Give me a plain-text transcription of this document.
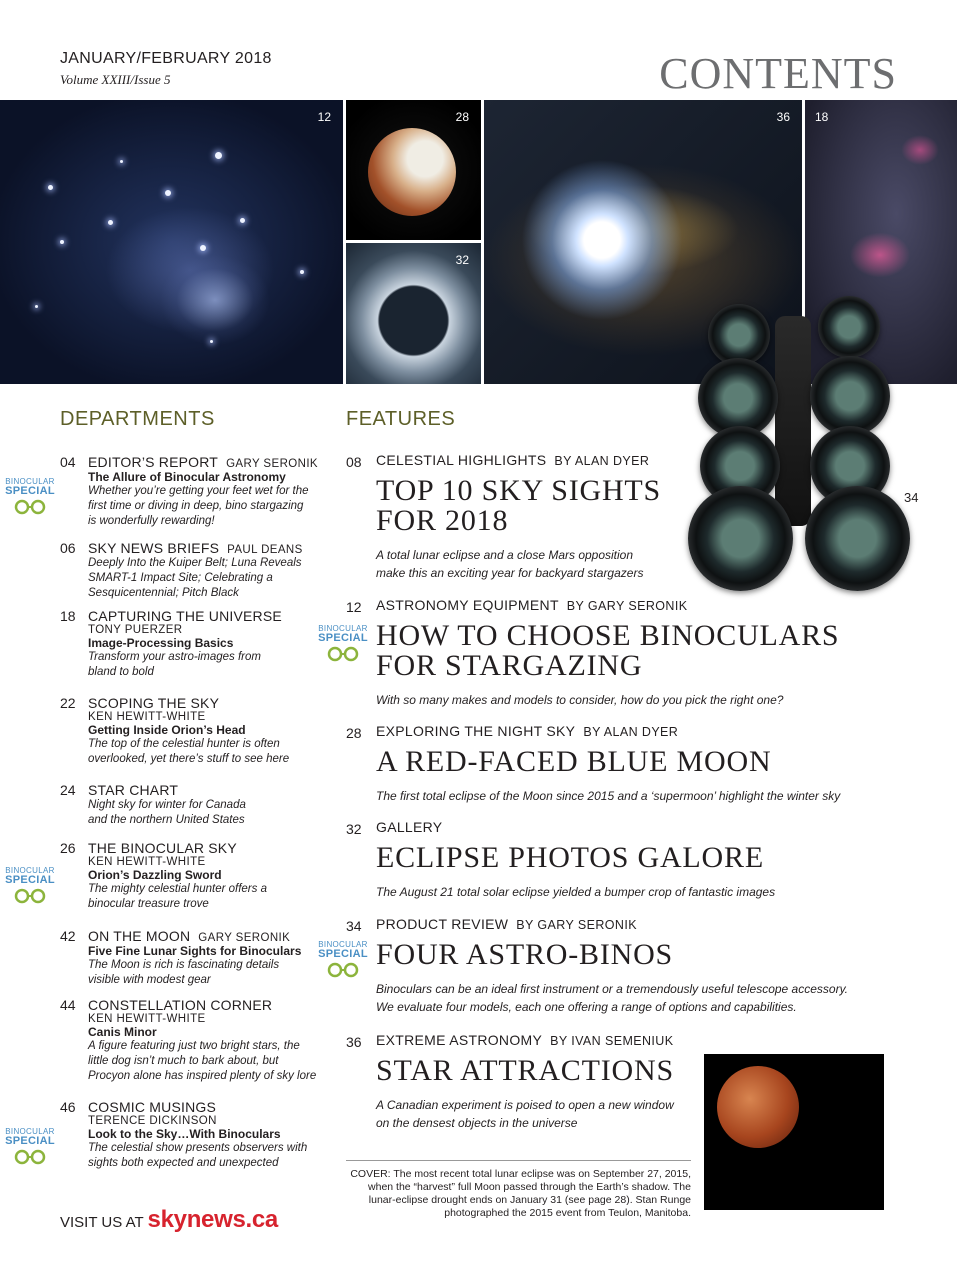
JANUARY/FEBRUARY 2018
Volume XXIII/Issue 5	CONTENTS
12	28
32
36 18
34
DEPARTMENTS	FEATURES
04 EDITOR’S REPORT GARY SERONIK
The Allure of Binocular Astronomy
Whether you’re getting your feet wet for the
first time or diving in deep, bino stargazing
is wonderfully rewarding!
BINOCULAR
SPECIAL
06 SKY NEWS BRIEFS PAUL DEANS
Deeply Into the Kuiper Belt; Luna Reveals
SMART-1 Impact Site; Celebrating a
Sesquicentennial; Pitch Black
18 CAPTURING THE UNIVERSE
TONY PUERZER
Image-Processing Basics
Transform your astro-images from
bland to bold
22 SCOPING THE SKY
KEN HEWITT-WHITE
Getting Inside Orion’s Head
The top of the celestial hunter is often
overlooked, yet there’s stuff to see here
24 STAR CHART
Night sky for winter for Canada
and the northern United States
26 THE BINOCULAR SKY
KEN HEWITT-WHITE
Orion’s Dazzling Sword
The mighty celestial hunter offers a
binocular treasure trove
BINOCULAR
SPECIAL
42 ON THE MOON GARY SERONIK
Five Fine Lunar Sights for Binoculars
The Moon is rich is fascinating details
visible with modest gear
44 CONSTELLATION CORNER
KEN HEWITT-WHITE
Canis Minor
A figure featuring just two bright stars, the
little dog isn’t much to bark about, but
Procyon alone has inspired plenty of sky lore
46 COSMIC MUSINGS
TERENCE DICKINSON
Look to the Sky…With Binoculars
The celestial show presents observers with
sights both expected and unexpected
BINOCULAR
SPECIAL
08 CELESTIAL HIGHLIGHTS BY ALAN DYER
TOP 10 SKY SIGHTS
FOR 2018
A total lunar eclipse and a close Mars opposition
make this an exciting year for backyard stargazers
12 ASTRONOMY EQUIPMENT BY GARY SERONIK
HOW TO CHOOSE BINOCULARS
FOR STARGAZING
With so many makes and models to consider, how do you pick the right one?
BINOCULAR
SPECIAL
28 EXPLORING THE NIGHT SKY BY ALAN DYER
A RED-FACED BLUE MOON
The first total eclipse of the Moon since 2015 and a ‘supermoon’ highlight the winter sky
32 GALLERY
ECLIPSE PHOTOS GALORE
The August 21 total solar eclipse yielded a bumper crop of fantastic images
34 PRODUCT REVIEW BY GARY SERONIK
FOUR ASTRO-BINOS
Binoculars can be an ideal first instrument or a tremendously useful telescope accessory.
We evaluate four models, each one offering a range of options and capabilities.
BINOCULAR
SPECIAL
36 EXTREME ASTRONOMY BY IVAN SEMENIUK
STAR ATTRACTIONS
A Canadian experiment is poised to open a new window
on the densest objects in the universe
COVER: The most recent total lunar eclipse was on September 27, 2015,
when the “harvest” full Moon passed through the Earth’s shadow. The
lunar-eclipse drought ends on January 31 (see page 28). Stan Runge
photographed the 2015 event from Teulon, Manitoba.
VISIT US AT skynews.ca
